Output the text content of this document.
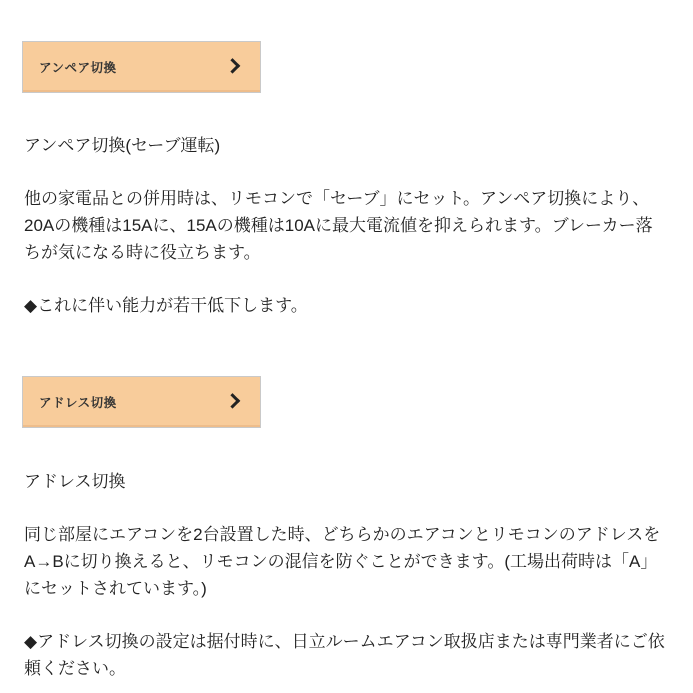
アンペア切換
アンペア切換(セーブ運転)

他の家電品との併用時は、リモコンで「セーブ」にセット。アンペア切換により、20Aの機種は15Aに、15Aの機種は10Aに最大電流値を抑えられます。ブレーカー落ちが気になる時に役立ちます。

◆これに伴い能力が若干低下します。

アドレス切換
アドレス切換

同じ部屋にエアコンを2台設置した時、どちらかのエアコンとリモコンのアドレスをA→Bに切り換えると、リモコンの混信を防ぐことができます。(工場出荷時は「A」にセットされています。)

◆アドレス切換の設定は据付時に、日立ルームエアコン取扱店または専門業者にご依頼ください。
